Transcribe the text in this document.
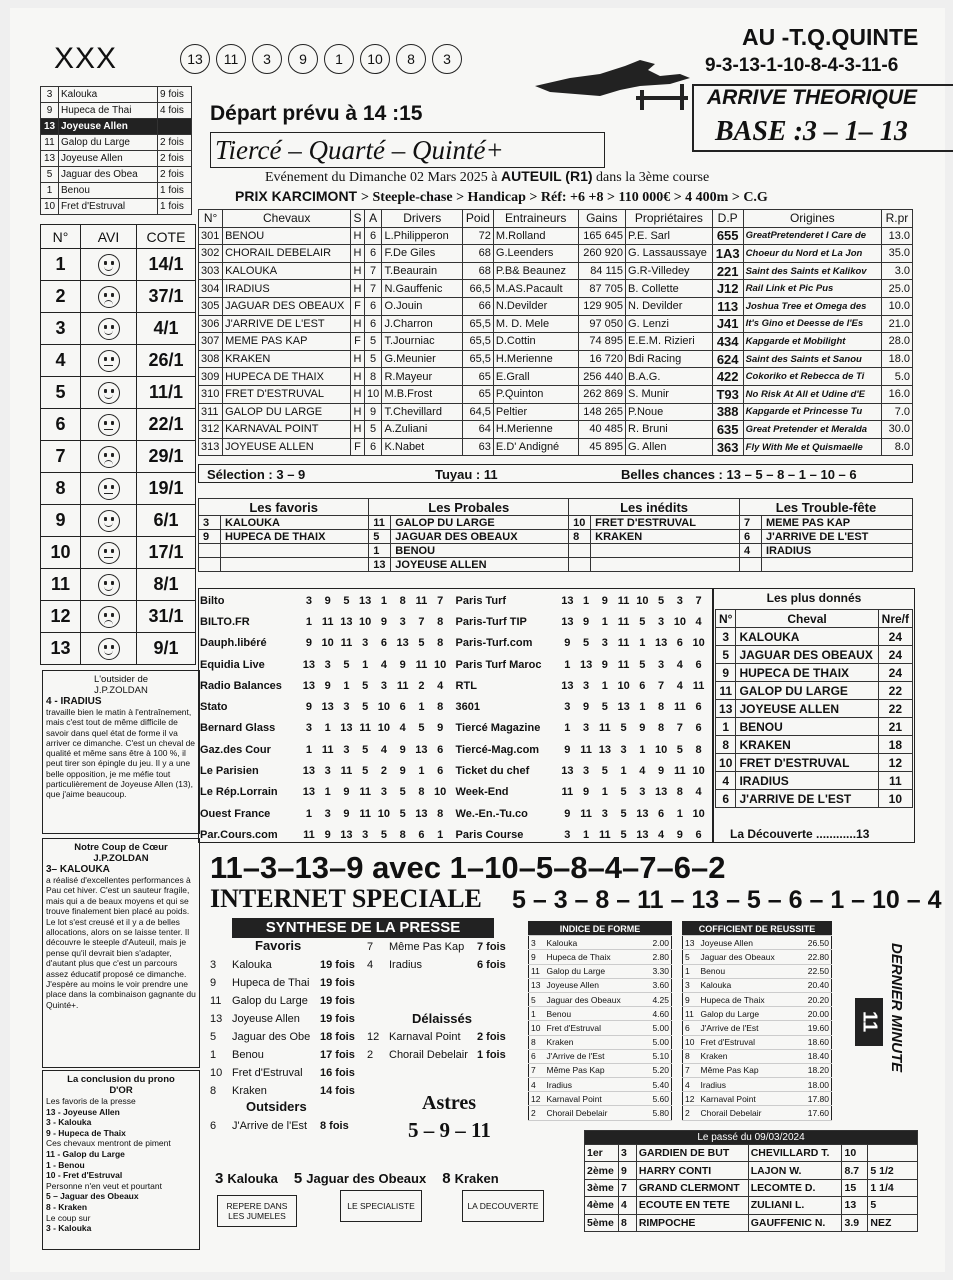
XXX	13	11	3	9	1	10	8	3
AU -T.Q.QUINTE
9-3-13-1-10-8-4-3-11-6
ARRIVE THEORIQUE
BASE :3 – 1– 13
Départ prévu à 14 :15
Tiercé – Quarté – Quinté+
Evénement du Dimanche 02 Mars 2025 à AUTEUIL (R1) dans la 3ème course
PRIX KARCIMONT > Steeple-chase > Handicap > Réf: +6 +8 > 110 000€ > 4 400m > C.G
3	Kalouka	9 fois
9	Hupeca de Thai	4 fois
13	Joyeuse Allen	
11	Galop du Large	2 fois
13	Joyeuse Allen	2 fois
5	Jaguar des Obea	2 fois
1	Benou	1 fois
10	Fret d'Estruval	1 fois
N°	AVI	COTE
1		14/1
2		37/1
3		4/1
4		26/1
5		11/1
6		22/1
7		29/1
8		19/1
9		6/1
10		17/1
11		8/1
12		31/1
13		9/1
N°	Chevaux	S	A	Drivers	Poid	Entraineurs	Gains	Propriétaires	D.P	Origines	R.pr
301	BENOU	H	6	L.Philipperon	72	M.Rolland	165 645	P.E. Sarl	655	GreatPretenderet I Care de	13.0
302	CHORAIL DEBELAIR	H	6	F.De Giles	68	G.Leenders	260 920	G. Lassaussaye	1A3	Choeur du Nord et La Jon	35.0
303	KALOUKA	H	7	T.Beaurain	68	P.B& Beaunez	84 115	G.R-Villedey	221	Saint des Saints et Kalikov	3.0
304	IRADIUS	H	7	N.Gauffenic	66,5	M.AS.Pacault	87 705	B. Collette	J12	Rail Link et Pic Pus	25.0
305	JAGUAR DES OBEAUX	F	6	O.Jouin	66	N.Devilder	129 905	N. Devilder	113	Joshua Tree et Omega des	10.0
306	J'ARRIVE DE L'EST	H	6	J.Charron	65,5	M. D. Mele	97 050	G. Lenzi	J41	It's Gino et Deesse de l'Es	21.0
307	MEME PAS KAP	F	5	T.Journiac	65,5	D.Cottin	74 895	E.E.M. Rizieri	434	Kapgarde et Mobilight	28.0
308	KRAKEN	H	5	G.Meunier	65,5	H.Merienne	16 720	Bdi Racing	624	Saint des Saints et Sanou	18.0
309	HUPECA DE THAIX	H	8	R.Mayeur	65	E.Grall	256 440	B.A.G.	422	Cokoriko et Rebecca de Ti	5.0
310	FRET D'ESTRUVAL	H	10	M.B.Frost	65	P.Quinton	262 869	S. Munir	T93	No Risk At All et Udine d'E	16.0
311	GALOP DU LARGE	H	9	T.Chevillard	64,5	Peltier	148 265	P.Noue	388	Kapgarde et Princesse Tu	7.0
312	KARNAVAL POINT	H	5	A.Zuliani	64	H.Merienne	40 485	R. Bruni	635	Great Pretender et Meralda	30.0
313	JOYEUSE ALLEN	F	6	K.Nabet	63	E.D' Andigné	45 895	G. Allen	363	Fly With Me et Quismaelle	8.0
Sélection : 3 – 9	Tuyau : 11	Belles chances : 13 – 5 – 8 – 1 – 10 – 6
Les favoris		Les Probales		Les inédits		Les Trouble-fête	
3	KALOUKA	11	GALOP DU LARGE	10	FRET D'ESTRUVAL	7	MEME PAS KAP
9	HUPECA DE THAIX	5	JAGUAR DES OBEAUX	8	KRAKEN	6	J'ARRIVE DE L'EST
		1	BENOU			4	IRADIUS
		13	JOYEUSE ALLEN				
Bilto	3	9	5	13	1	8	11	7	Paris Turf	13	1	9	11	10	5	3	7
BILTO.FR	1	11	13	10	9	3	7	8	Paris-Turf TIP	13	9	1	11	5	3	10	4
Dauph.libéré	9	10	11	3	6	13	5	8	Paris-Turf.com	9	5	3	11	1	13	6	10
Equidia Live	13	3	5	1	4	9	11	10	Paris Turf Maroc	1	13	9	11	5	3	4	6
Radio Balances	13	9	1	5	3	11	2	4	RTL	13	3	1	10	6	7	4	11
Stato	9	13	3	5	10	6	1	8	3601	3	9	5	13	1	8	11	6
Bernard Glass	3	1	13	11	10	4	5	9	Tiercé Magazine	1	3	11	5	9	8	7	6
Gaz.des Cour	1	11	3	5	4	9	13	6	Tiercé-Mag.com	9	11	13	3	1	10	5	8
Le Parisien	13	3	11	5	2	9	1	6	Ticket du chef	13	3	5	1	4	9	11	10
Le Rép.Lorrain	13	1	9	11	3	5	8	10	Week-End	11	9	1	5	3	13	8	4
Ouest France	1	3	9	11	10	5	13	8	We.-En.-Tu.co	9	11	3	5	13	6	1	10
Par.Cours.com	11	9	13	3	5	8	6	1	Paris Course	3	1	11	5	13	4	9	6
Les plus donnés
N°	Cheval	Nre/f
3	KALOUKA	24
5	JAGUAR DES OBEAUX	24
9	HUPECA DE THAIX	24
11	GALOP DU LARGE	22
13	JOYEUSE ALLEN	22
1	BENOU	21
8	KRAKEN	18
10	FRET D'ESTRUVAL	12
4	IRADIUS	11
6	J'ARRIVE DE L'EST	10
La Découverte ............13
L'outsider de J.P.ZOLDAN
4 - IRADIUS
travaille bien le matin à l'entraînement, mais c'est tout de même difficile de savoir dans quel état de forme il va arriver ce dimanche. C'est un cheval de qualité et même sans être à 100 %, il peut tirer son épingle du jeu. Il y a une belle opposition, je me méfie tout particulièrement de Joyeuse Allen (13), que j'aime beaucoup.
Notre Coup de Cœur J.P.ZOLDAN
3– KALOUKA
a réalisé d'excellentes performances à Pau cet hiver. C'est un sauteur fragile, mais qui a de beaux moyens et qui se trouve finalement bien placé au poids. Le lot s'est creusé et il y a de belles allocations, alors on se laisse tenter. Il découvre le steeple d'Auteuil, mais je pense qu'il devrait bien s'adapter, d'autant plus que c'est un parcours assez éducatif proposé ce dimanche. J'espère au moins le voir prendre une place dans la combinaison gagnante du Quinté+.
La conclusion du prono D'OR
Les favoris de la presse
13 - Joyeuse Allen
3 - Kalouka
9 - Hupeca de Thaix
Ces chevaux mentront de piment
11 - Galop du Large
1 - Benou
10 - Fret d'Estruval
Personne n'en veut et pourtant
5 – Jaguar des Obeaux
8 - Kraken
Le coup sur
3 - Kalouka
11–3–13–9 avec 1–10–5–8–4–7–6–2
INTERNET SPECIALE 5 – 3 – 8 – 11 – 13 – 5 – 6 – 1 – 10 – 4
SYNTHESE DE LA PRESSE
Favoris
3	Kalouka	19 fois
9	Hupeca de Thai	19 fois
11	Galop du Large	19 fois
13	Joyeuse Allen	19 fois
5	Jaguar des Obe	18 fois
1	Benou	17 fois
10	Fret d'Estruval	16 fois
8	Kraken	14 fois
7	Même Pas Kap	7 fois
4	Iradius	6 fois
Délaissés
12	Karnaval Point	2 fois
2	Chorail Debelair	1 fois
Outsiders
6	J'Arrive de l'Est	8 fois
Astres
5 – 9 – 11
INDICE DE FORME		
3	Kalouka	2.00
9	Hupeca de Thaix	2.80
11	Galop du Large	3.30
13	Joyeuse Allen	3.60
5	Jaguar des Obeaux	4.25
1	Benou	4.60
10	Fret d'Estruval	5.00
8	Kraken	5.00
6	J'Arrive de l'Est	5.10
7	Même Pas Kap	5.20
4	Iradius	5.40
12	Karnaval Point	5.60
2	Chorail Debelair	5.80
COFFICIENT DE REUSSITE		
13	Joyeuse Allen	26.50
5	Jaguar des Obeaux	22.80
1	Benou	22.50
3	Kalouka	20.40
9	Hupeca de Thaix	20.20
11	Galop du Large	20.00
6	J'Arrive de l'Est	19.60
10	Fret d'Estruval	18.60
8	Kraken	18.40
7	Même Pas Kap	18.20
4	Iradius	18.00
12	Karnaval Point	17.80
2	Chorail Debelair	17.60
DERNIER MINUTE
11
Le passé du 09/03/2024					
1er	3	GARDIEN DE BUT	CHEVILLARD T.	10	
2ème	9	HARRY CONTI	LAJON W.	8.7	5 1/2
3ème	7	GRAND CLERMONT	LECOMTE D.	15	1 1/4
4ème	4	ECOUTE EN TETE	ZULIANI L.	13	5
5ème	8	RIMPOCHE	GAUFFENIC N.	3.9	NEZ
3 Kalouka 5 Jaguar des Obeaux 8 Kraken
REPERE DANS LES JUMELES
LE SPECIALISTE	LA DECOUVERTE
